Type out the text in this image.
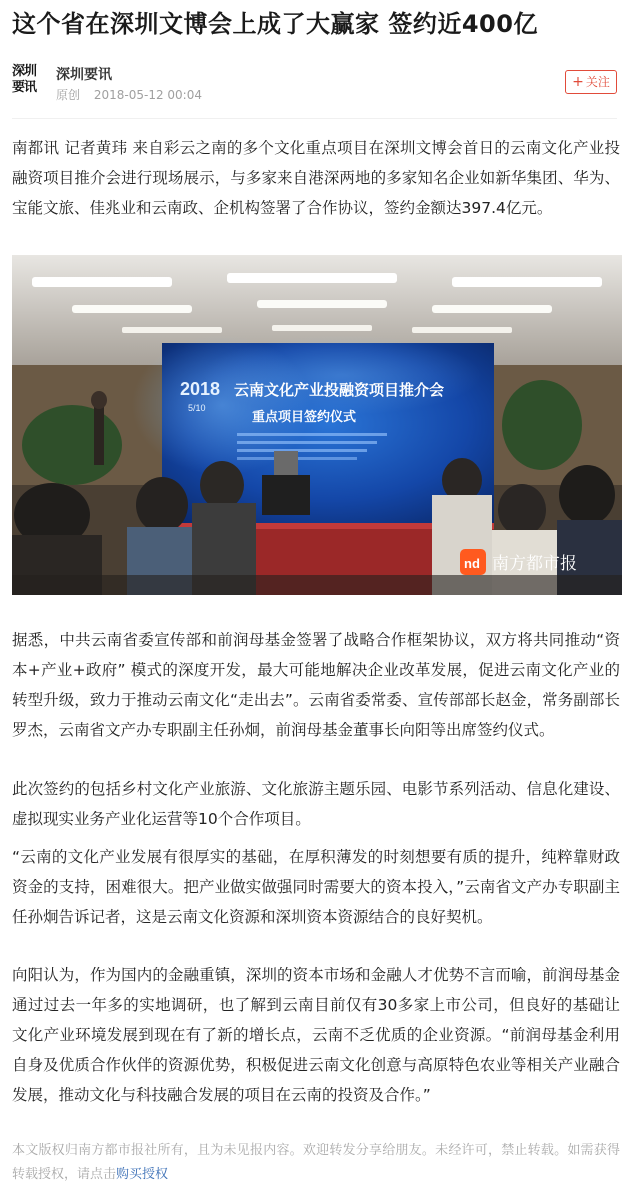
这个省在深圳文博会上成了大赢家 签约近400亿
深圳
要讯
深圳要讯
原创 2018-05-12 00:04
+ 关注

南都讯 记者黄玮 来自彩云之南的多个文化重点项目在深圳文博会首日的云南文化产业投融资项目推介会进行现场展示，与多家来自港深两地的多家知名企业如新华集团、华为、宝能文旅、佳兆业和云南政、企机构签署了合作协议，签约金额达397.4亿元。

2018
5/10
云南文化产业投融资项目推介会
重点项目签约仪式
nd 南方都市报

据悉，中共云南省委宣传部和前润母基金签署了战略合作框架协议，双方将共同推动“资本+产业+政府” 模式的深度开发，最大可能地解决企业改革发展，促进云南文化产业的转型升级，致力于推动云南文化“走出去”。云南省委常委、宣传部部长赵金，常务副部长罗杰，云南省文产办专职副主任孙炯，前润母基金董事长向阳等出席签约仪式。

此次签约的包括乡村文化产业旅游、文化旅游主题乐园、电影节系列活动、信息化建设、虚拟现实业务产业化运营等10个合作项目。

“云南的文化产业发展有很厚实的基础，在厚积薄发的时刻想要有质的提升，纯粹靠财政资金的支持，困难很大。把产业做实做强同时需要大的资本投入，”云南省文产办专职副主任孙炯告诉记者，这是云南文化资源和深圳资本资源结合的良好契机。

向阳认为，作为国内的金融重镇，深圳的资本市场和金融人才优势不言而喻，前润母基金通过过去一年多的实地调研，也了解到云南目前仅有30多家上市公司，但良好的基础让文化产业环境发展到现在有了新的增长点，云南不乏优质的企业资源。“前润母基金利用自身及优质合作伙伴的资源优势，积极促进云南文化创意与高原特色农业等相关产业融合发展，推动文化与科技融合发展的项目在云南的投资及合作。”

本文版权归南方都市报社所有，且为未见报内容。欢迎转发分享给朋友。未经许可，禁止转载。如需获得转载授权，请点击购买授权
